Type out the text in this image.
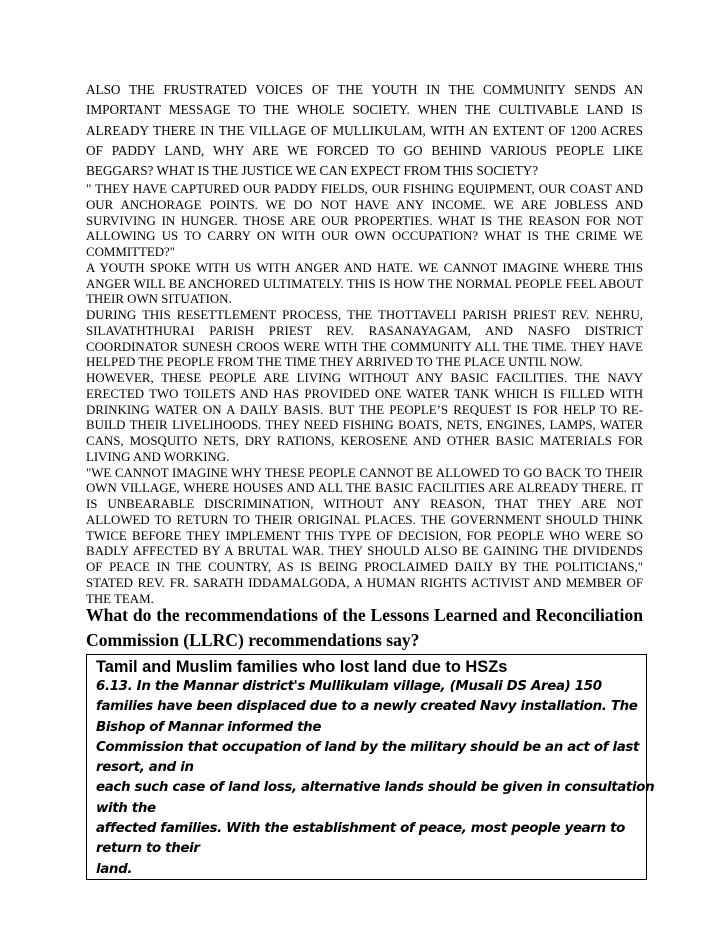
ALSO THE FRUSTRATED VOICES OF THE YOUTH IN THE COMMUNITY SENDS AN IMPORTANT MESSAGE TO THE WHOLE SOCIETY. WHEN THE CULTIVABLE LAND IS ALREADY THERE IN THE VILLAGE OF MULLIKULAM, WITH AN EXTENT OF 1200 ACRES OF PADDY LAND, WHY ARE WE FORCED TO GO BEHIND VARIOUS PEOPLE LIKE BEGGARS? WHAT IS THE JUSTICE WE CAN EXPECT FROM THIS SOCIETY?

" THEY HAVE CAPTURED OUR PADDY FIELDS, OUR FISHING EQUIPMENT, OUR COAST AND OUR ANCHORAGE POINTS. WE DO NOT HAVE ANY INCOME. WE ARE JOBLESS AND SURVIVING IN HUNGER. THOSE ARE OUR PROPERTIES. WHAT IS THE REASON FOR NOT ALLOWING US TO CARRY ON WITH OUR OWN OCCUPATION? WHAT IS THE CRIME WE COMMITTED?"

A YOUTH SPOKE WITH US WITH ANGER AND HATE. WE CANNOT IMAGINE WHERE THIS ANGER WILL BE ANCHORED ULTIMATELY. THIS IS HOW THE NORMAL PEOPLE FEEL ABOUT THEIR OWN SITUATION.

DURING THIS RESETTLEMENT PROCESS, THE THOTTAVELI PARISH PRIEST REV. NEHRU, SILAVATHTHURAI PARISH PRIEST REV. RASANAYAGAM, AND NASFO DISTRICT COORDINATOR SUNESH CROOS WERE WITH THE COMMUNITY ALL THE TIME. THEY HAVE HELPED THE PEOPLE FROM THE TIME THEY ARRIVED TO THE PLACE UNTIL NOW.

HOWEVER, THESE PEOPLE ARE LIVING WITHOUT ANY BASIC FACILITIES. THE NAVY ERECTED TWO TOILETS AND HAS PROVIDED ONE WATER TANK WHICH IS FILLED WITH DRINKING WATER ON A DAILY BASIS. BUT THE PEOPLE’S REQUEST IS FOR HELP TO RE-BUILD THEIR LIVELIHOODS. THEY NEED FISHING BOATS, NETS, ENGINES, LAMPS, WATER CANS, MOSQUITO NETS, DRY RATIONS, KEROSENE AND OTHER BASIC MATERIALS FOR LIVING AND WORKING.

"WE CANNOT IMAGINE WHY THESE PEOPLE CANNOT BE ALLOWED TO GO BACK TO THEIR OWN VILLAGE, WHERE HOUSES AND ALL THE BASIC FACILITIES ARE ALREADY THERE. IT IS UNBEARABLE DISCRIMINATION, WITHOUT ANY REASON, THAT THEY ARE NOT ALLOWED TO RETURN TO THEIR ORIGINAL PLACES. THE GOVERNMENT SHOULD THINK TWICE BEFORE THEY IMPLEMENT THIS TYPE OF DECISION, FOR PEOPLE WHO WERE SO BADLY AFFECTED BY A BRUTAL WAR. THEY SHOULD ALSO BE GAINING THE DIVIDENDS OF PEACE IN THE COUNTRY, AS IS BEING PROCLAIMED DAILY BY THE POLITICIANS," STATED REV. FR. SARATH IDDAMALGODA, A HUMAN RIGHTS ACTIVIST AND MEMBER OF THE TEAM.

What do the recommendations of the Lessons Learned and Reconciliation Commission (LLRC) recommendations say?
Tamil and Muslim families who lost land due to HSZs
6.13. In the Mannar district's Mullikulam village, (Musali DS Area) 150
families have been displaced due to a newly created Navy installation. The
Bishop of Mannar informed the
Commission that occupation of land by the military should be an act of last
resort, and in
each such case of land loss, alternative lands should be given in consultation
with the
affected families. With the establishment of peace, most people yearn to
return to their
land.
